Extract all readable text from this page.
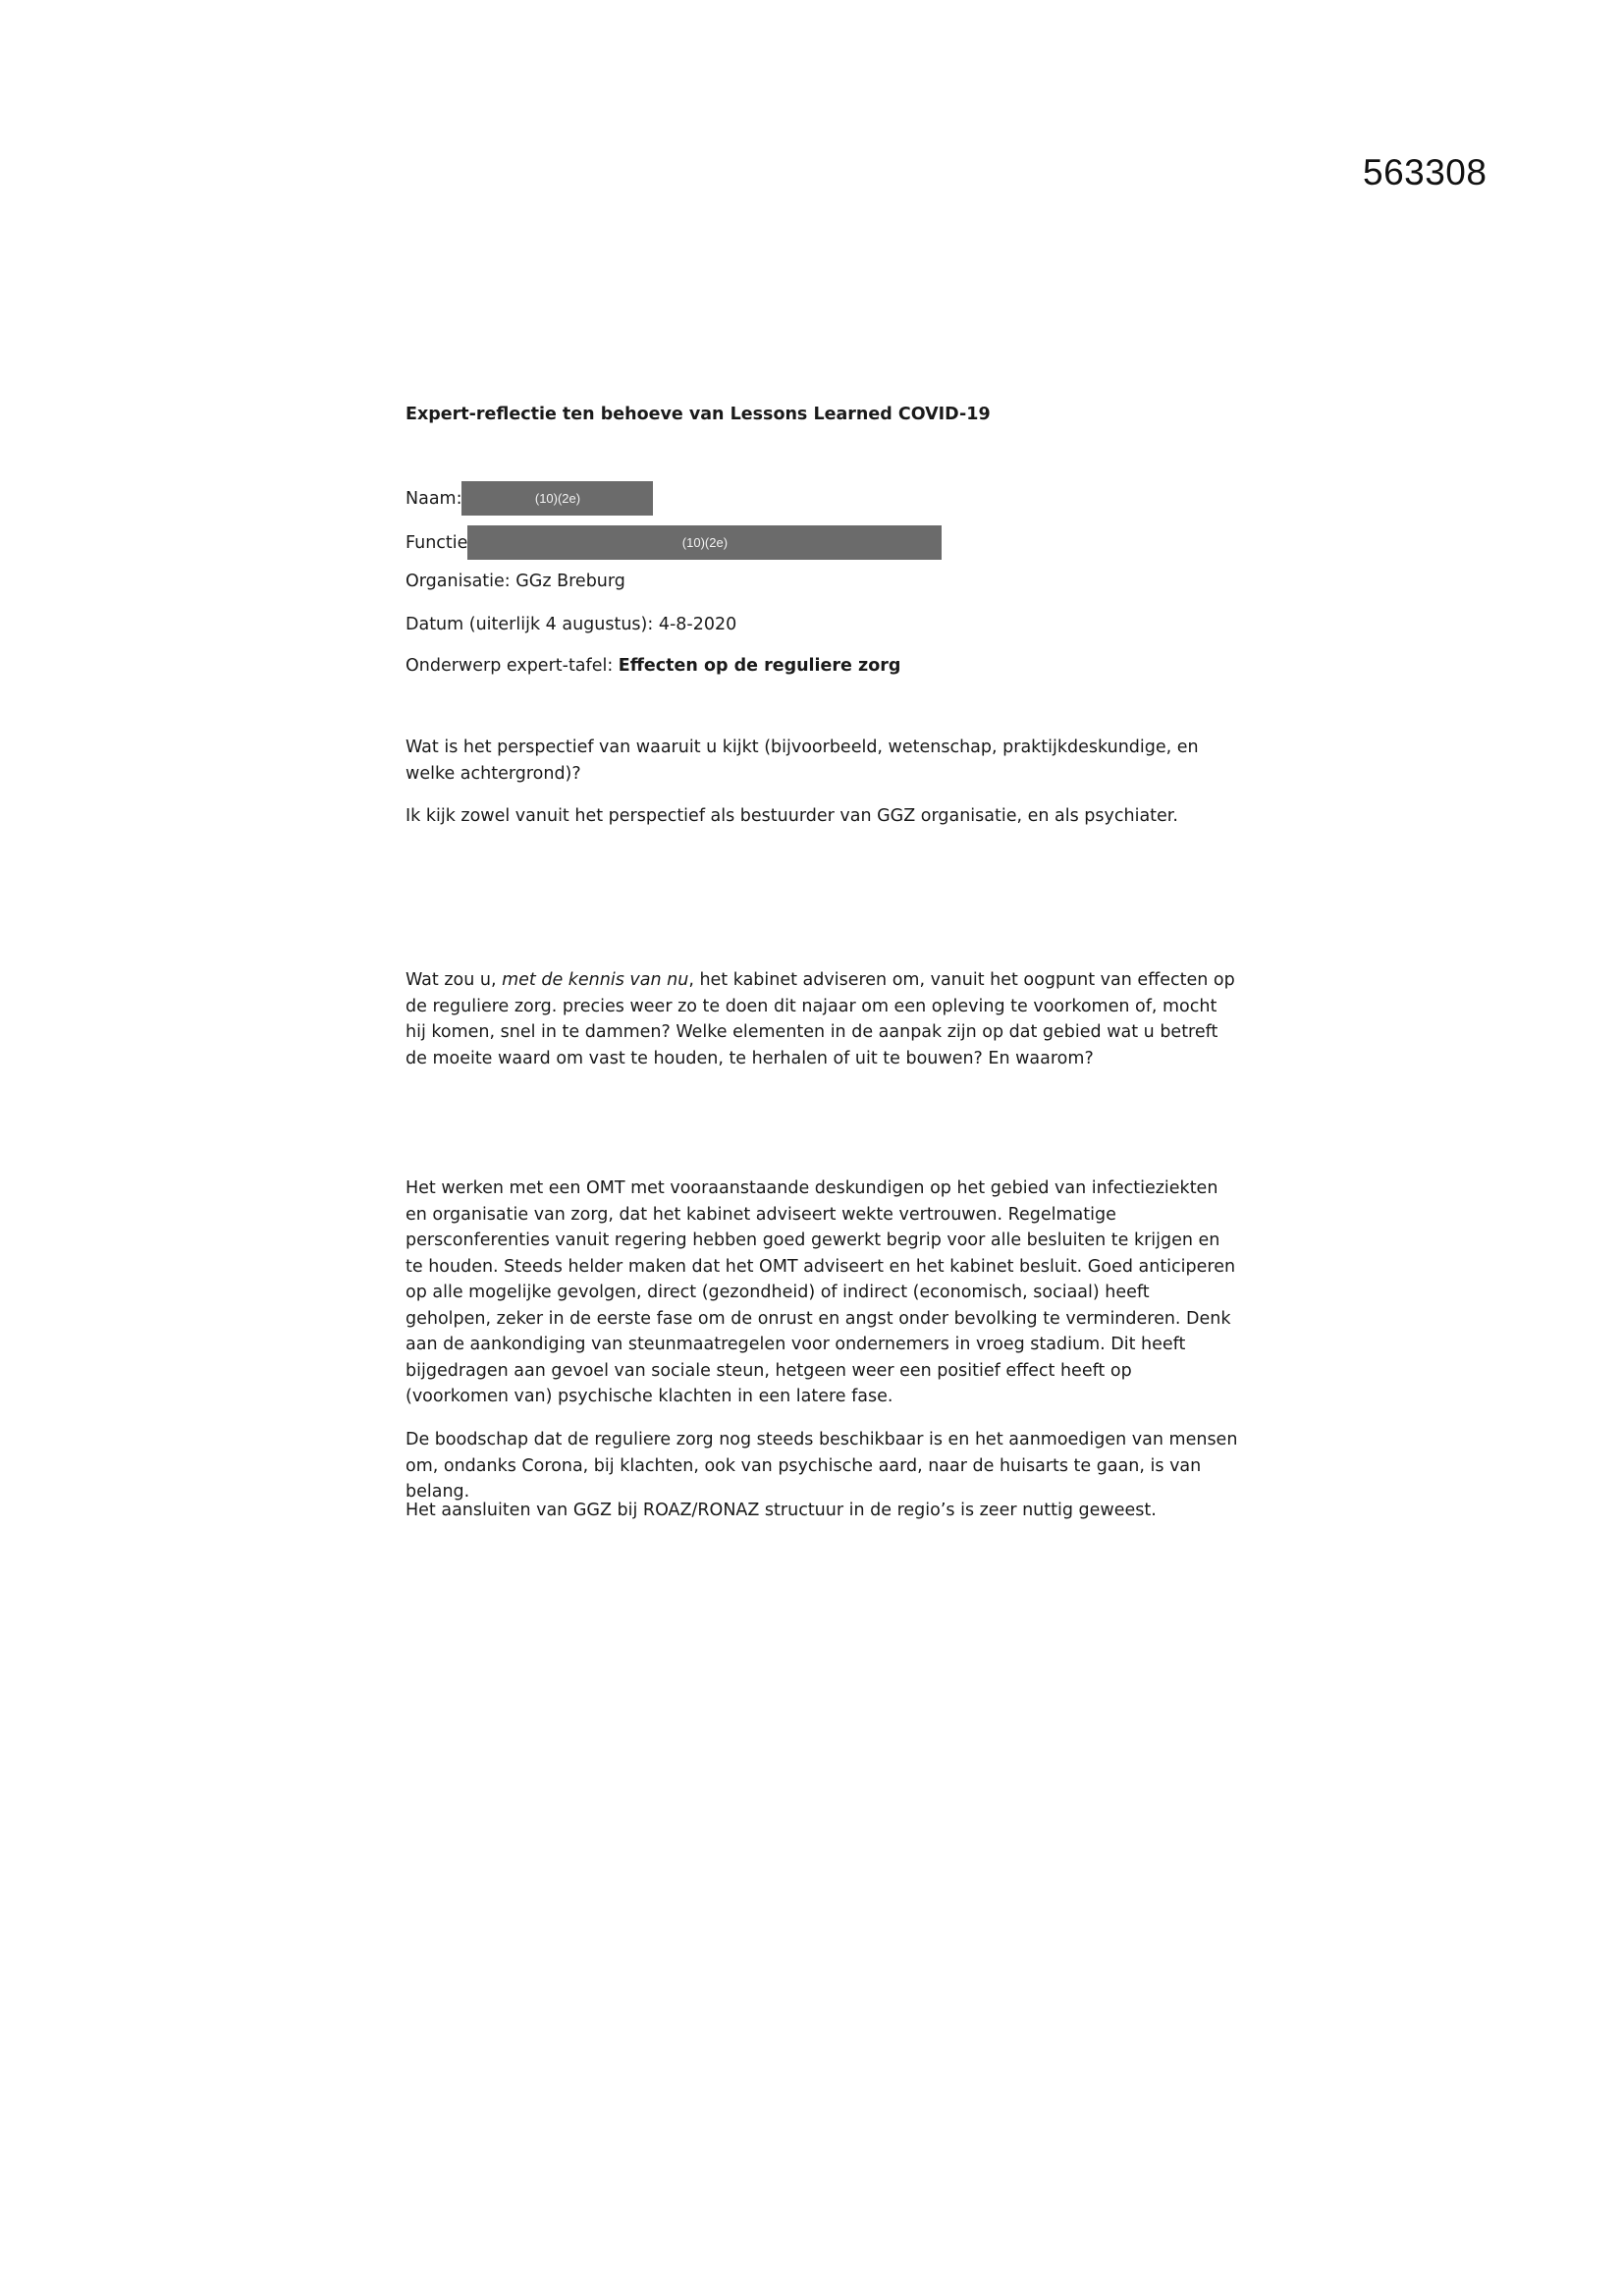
563308
Expert-reflectie ten behoeve van Lessons Learned COVID-19
Naam:	(10)(2e)
Functie	(10)(2e)
Organisatie: GGz Breburg
Datum (uiterlijk 4 augustus): 4-8-2020
Onderwerp expert-tafel: Effecten op de reguliere zorg

Wat is het perspectief van waaruit u kijkt (bijvoorbeeld, wetenschap, praktijkdeskundige, en welke achtergrond)?

Ik kijk zowel vanuit het perspectief als bestuurder van GGZ organisatie, en als psychiater.

Wat zou u, met de kennis van nu, het kabinet adviseren om, vanuit het oogpunt van effecten op de reguliere zorg. precies weer zo te doen dit najaar om een opleving te voorkomen of, mocht hij komen, snel in te dammen? Welke elementen in de aanpak zijn op dat gebied wat u betreft de moeite waard om vast te houden, te herhalen of uit te bouwen? En waarom?

Het werken met een OMT met vooraanstaande deskundigen op het gebied van infectieziekten en organisatie van zorg, dat het kabinet adviseert wekte vertrouwen. Regelmatige persconferenties vanuit regering hebben goed gewerkt begrip voor alle besluiten te krijgen en te houden. Steeds helder maken dat het OMT adviseert en het kabinet besluit. Goed anticiperen op alle mogelijke gevolgen, direct (gezondheid) of indirect (economisch, sociaal) heeft geholpen, zeker in de eerste fase om de onrust en angst onder bevolking te verminderen. Denk aan de aankondiging van steunmaatregelen voor ondernemers in vroeg stadium. Dit heeft bijgedragen aan gevoel van sociale steun, hetgeen weer een positief effect heeft op (voorkomen van) psychische klachten in een latere fase.

De boodschap dat de reguliere zorg nog steeds beschikbaar is en het aanmoedigen van mensen om, ondanks Corona, bij klachten, ook van psychische aard, naar de huisarts te gaan, is van belang.

Het aansluiten van GGZ bij ROAZ/RONAZ structuur in de regio’s is zeer nuttig geweest.
